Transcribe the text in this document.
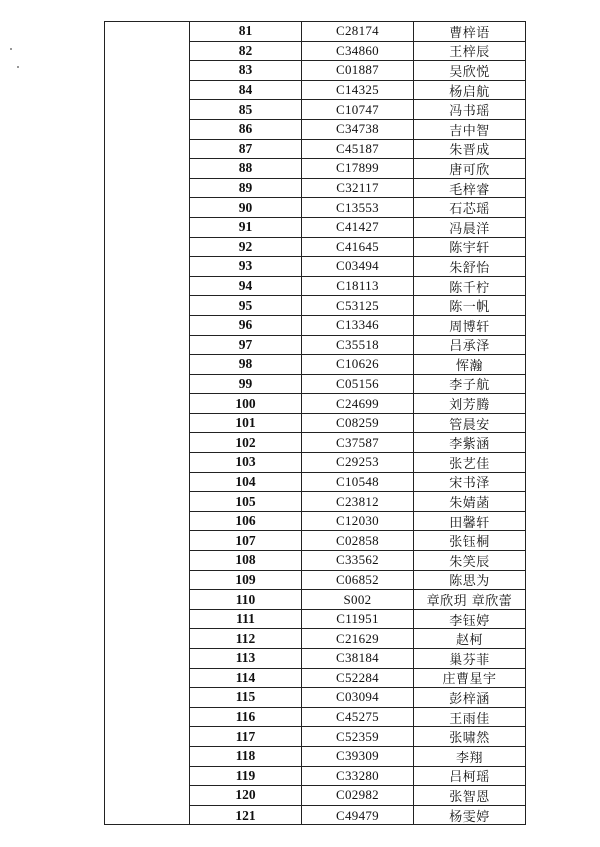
81	C28174	曹梓语
82	C34860	王梓辰
83	C01887	吴欣悦
84	C14325	杨启航
85	C10747	冯书瑶
86	C34738	吉中智
87	C45187	朱晋成
88	C17899	唐可欣
89	C32117	毛梓睿
90	C13553	石芯瑶
91	C41427	冯晨洋
92	C41645	陈宇轩
93	C03494	朱舒怡
94	C18113	陈千柠
95	C53125	陈一帆
96	C13346	周博轩
97	C35518	吕承泽
98	C10626	恽瀚
99	C05156	李子航
100	C24699	刘芳腾
101	C08259	管晨安
102	C37587	李紫涵
103	C29253	张艺佳
104	C10548	宋书泽
105	C23812	朱婧菡
106	C12030	田馨轩
107	C02858	张钰桐
108	C33562	朱笑辰
109	C06852	陈思为
110	S002	章欣玥 章欣蕾
111	C11951	李钰婷
112	C21629	赵柯
113	C38184	巢芬菲
114	C52284	庄曹星宇
115	C03094	彭梓涵
116	C45275	王雨佳
117	C52359	张啸然
118	C39309	李翔
119	C33280	吕柯瑶
120	C02982	张智恩
121	C49479	杨雯婷
